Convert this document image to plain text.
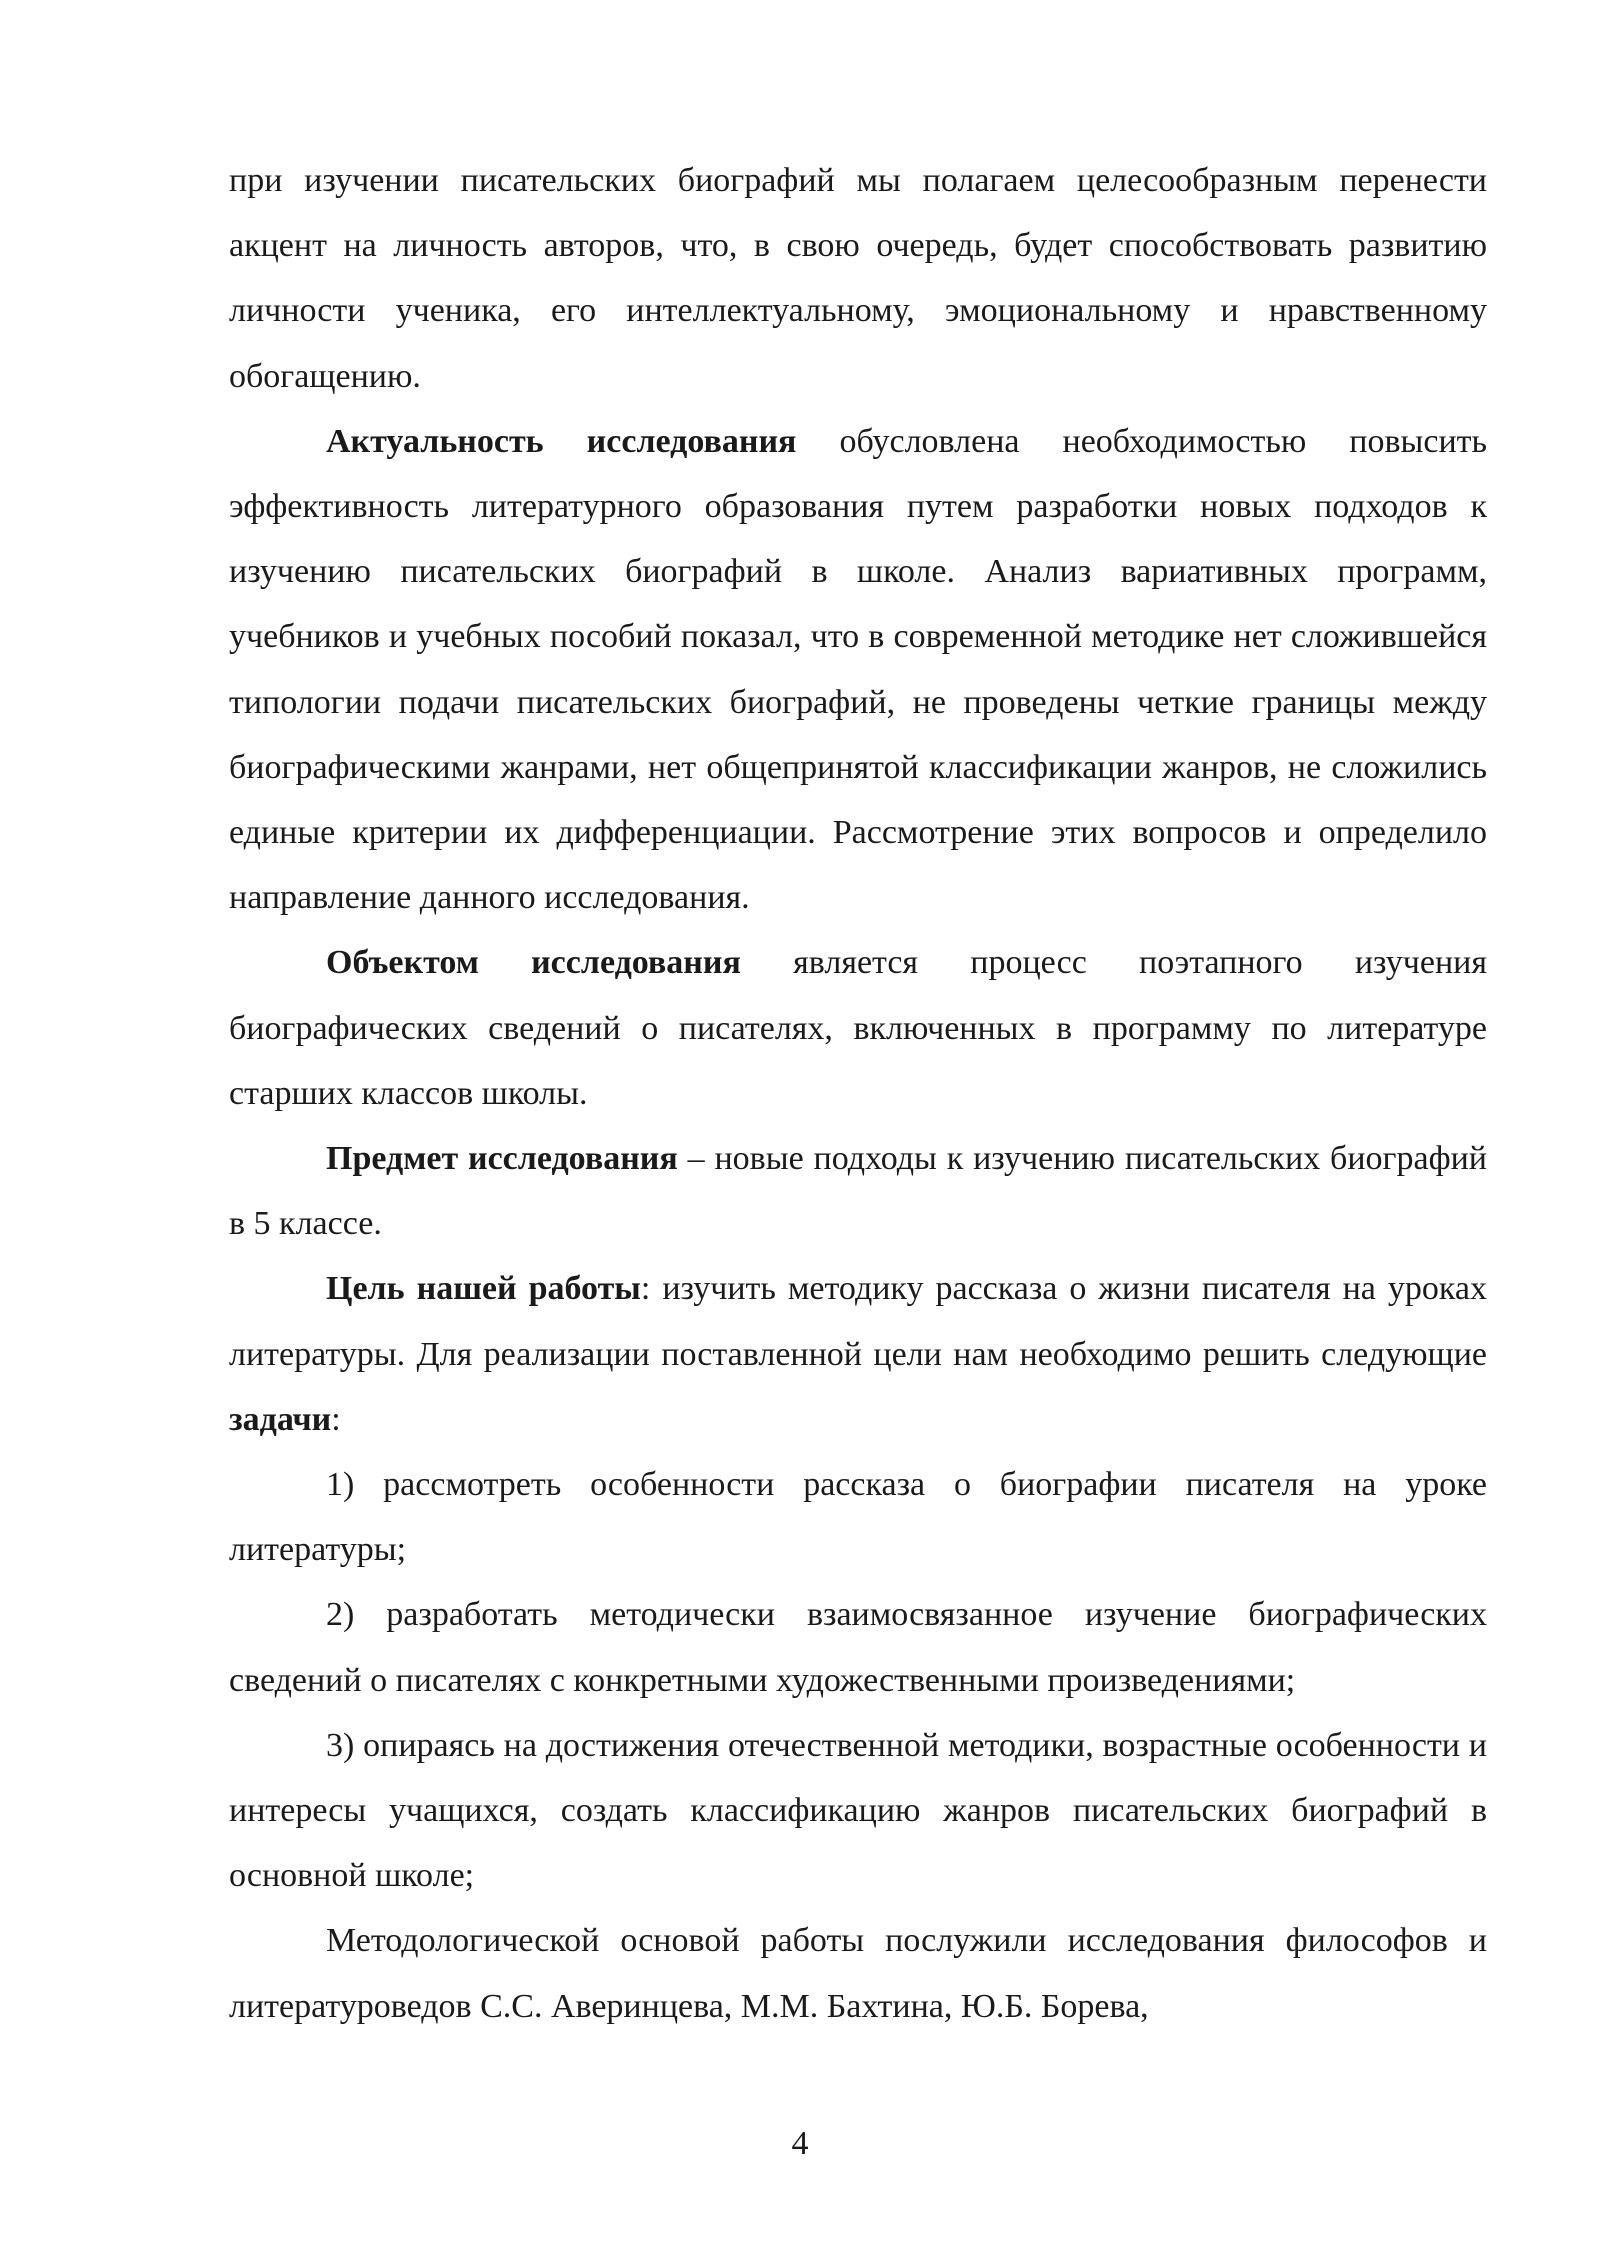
при изучении писательских биографий мы полагаем целесообразным перенести акцент на личность авторов, что, в свою очередь, будет способствовать развитию личности ученика, его интеллектуальному, эмоциональному и нравственному обогащению.

Актуальность исследования обусловлена необходимостью повысить эффективность литературного образования путем разработки новых подходов к изучению писательских биографий в школе. Анализ вариативных программ, учебников и учебных пособий показал, что в современной методике нет сложившейся типологии подачи писательских биографий, не проведены четкие границы между биографическими жанрами, нет общепринятой классификации жанров, не сложились единые критерии их дифференциации. Рассмотрение этих вопросов и определило направление данного исследования.

Объектом исследования является процесс поэтапного изучения биографических сведений о писателях, включенных в программу по литературе старших классов школы.

Предмет исследования – новые подходы к изучению писательских биографий в 5 классе.

Цель нашей работы: изучить методику рассказа о жизни писателя на уроках литературы. Для реализации поставленной цели нам необходимо решить следующие задачи:

1) рассмотреть особенности рассказа о биографии писателя на уроке литературы;

2) разработать методически взаимосвязанное изучение биографических сведений о писателях с конкретными художественными произведениями;

3) опираясь на достижения отечественной методики, возрастные особенности и интересы учащихся, создать классификацию жанров писательских биографий в основной школе;

Методологической основой работы послужили исследования философов и литературоведов С.С. Аверинцева, М.М. Бахтина, Ю.Б. Борева,

4
